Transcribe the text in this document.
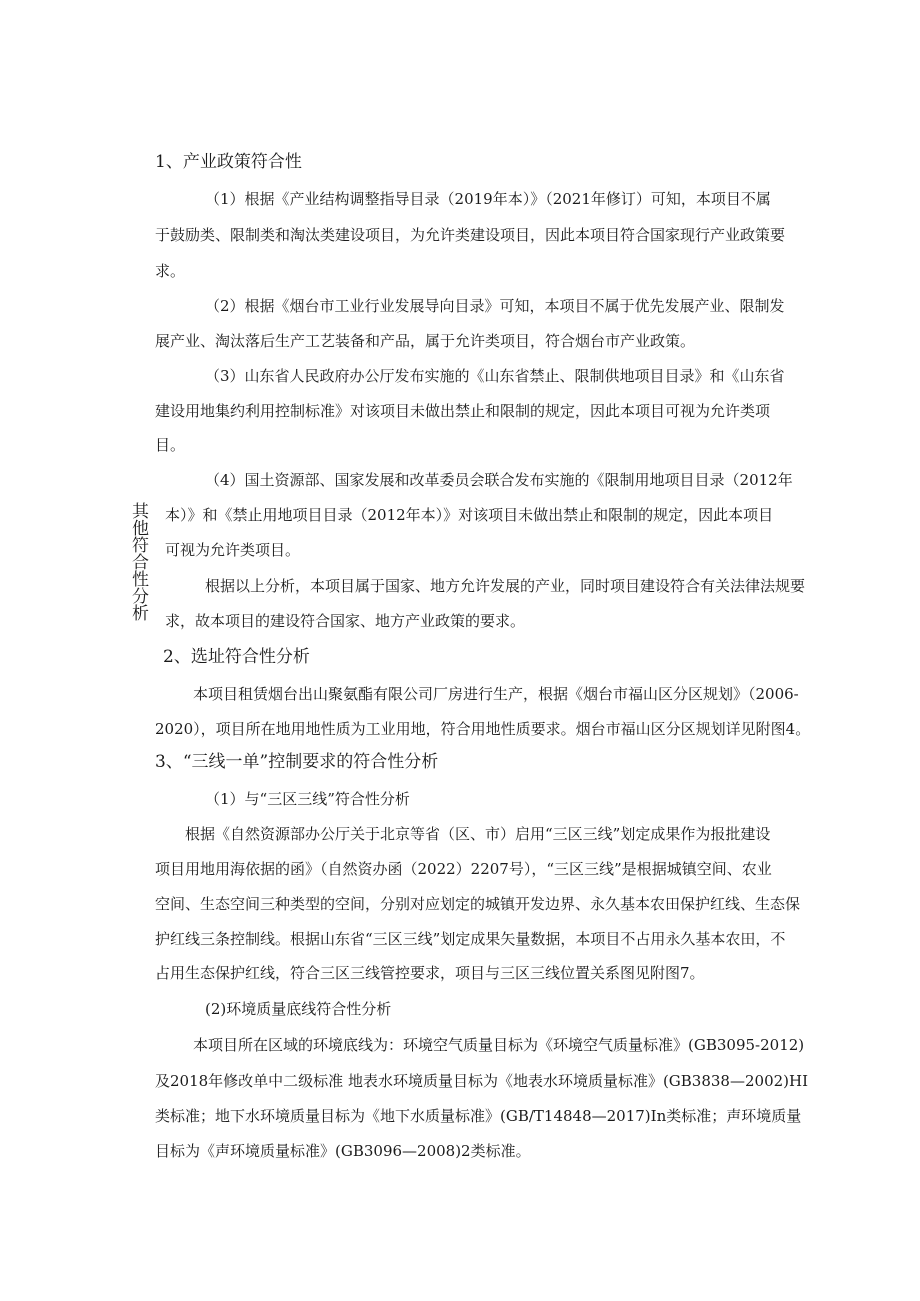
其他符合性分析
1、产业政策符合性
（1）根据《产业结构调整指导目录（2019年本）》（2021年修订）可知，本项目不属
于鼓励类、限制类和淘汰类建设项目，为允许类建设项目，因此本项目符合国家现行产业政策要
求。
（2）根据《烟台市工业行业发展导向目录》可知，本项目不属于优先发展产业、限制发
展产业、淘汰落后生产工艺装备和产品，属于允许类项目，符合烟台市产业政策。
（3）山东省人民政府办公厅发布实施的《山东省禁止、限制供地项目目录》和《山东省
建设用地集约利用控制标准》对该项目未做出禁止和限制的规定，因此本项目可视为允许类项
目。
（4）国土资源部、国家发展和改革委员会联合发布实施的《限制用地项目目录（2012年
本）》和《禁止用地项目目录（2012年本）》对该项目未做出禁止和限制的规定，因此本项目
可视为允许类项目。
根据以上分析，本项目属于国家、地方允许发展的产业，同时项目建设符合有关法律法规要
求，故本项目的建设符合国家、地方产业政策的要求。
2、选址符合性分析
本项目租赁烟台出山聚氨酯有限公司厂房进行生产，根据《烟台市福山区分区规划》（2006-
2020），项目所在地用地性质为工业用地，符合用地性质要求。烟台市福山区分区规划详见附图4。
3、“三线一单”控制要求的符合性分析
（1）与“三区三线”符合性分析
根据《自然资源部办公厅关于北京等省（区、市）启用“三区三线”划定成果作为报批建设
项目用地用海依据的函》（自然资办函（2022）2207号），“三区三线”是根据城镇空间、农业
空间、生态空间三种类型的空间，分别对应划定的城镇开发边界、永久基本农田保护红线、生态保
护红线三条控制线。根据山东省“三区三线”划定成果矢量数据，本项目不占用永久基本农田，不
占用生态保护红线，符合三区三线管控要求，项目与三区三线位置关系图见附图7。
(2)环境质量底线符合性分析
本项目所在区域的环境底线为：环境空气质量目标为《环境空气质量标准》(GB3095-2012)
及2018年修改单中二级标准 地表水环境质量目标为《地表水环境质量标准》(GB3838—2002)HI
类标准；地下水环境质量目标为《地下水质量标准》(GB/T14848—2017)In类标准；声环境质量
目标为《声环境质量标准》(GB3096—2008)2类标准。
